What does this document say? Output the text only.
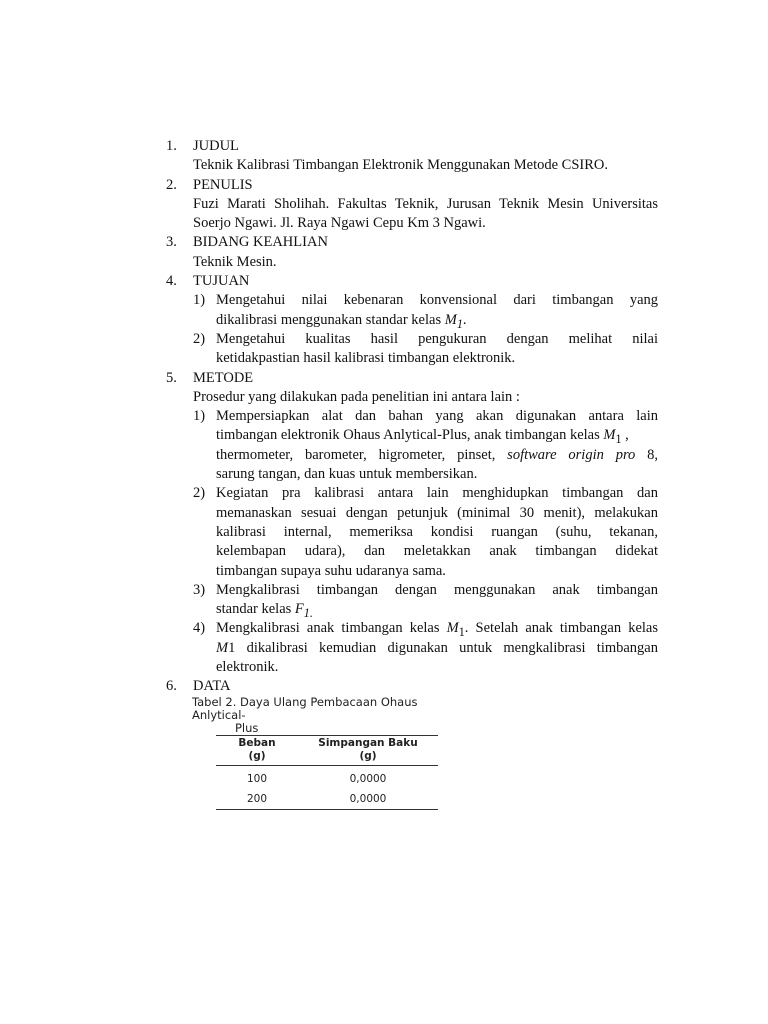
1. JUDUL
Teknik Kalibrasi Timbangan Elektronik Menggunakan Metode CSIRO.
2. PENULIS
Fuzi Marati Sholihah. Fakultas Teknik, Jurusan Teknik Mesin Universitas
Soerjo Ngawi. Jl. Raya Ngawi Cepu Km 3 Ngawi.
3. BIDANG KEAHLIAN
Teknik Mesin.
4. TUJUAN
1) Mengetahui nilai kebenaran konvensional dari timbangan yang
dikalibrasi menggunakan standar kelas $M_1$.
2) Mengetahui kualitas hasil pengukuran dengan melihat nilai
ketidakpastian hasil kalibrasi timbangan elektronik.
5. METODE
Prosedur yang dilakukan pada penelitian ini antara lain :
1) Mempersiapkan alat dan bahan yang akan digunakan antara lain
timbangan elektronik Ohaus Anlytical-Plus, anak timbangan kelas $M_1$ ,
thermometer, barometer, higrometer, pinset, software origin pro 8,
sarung tangan, dan kuas untuk membersikan.
2) Kegiatan pra kalibrasi antara lain menghidupkan timbangan dan
memanaskan sesuai dengan petunjuk (minimal 30 menit), melakukan
kalibrasi internal, memeriksa kondisi ruangan (suhu, tekanan,
kelembapan udara), dan meletakkan anak timbangan didekat
timbangan supaya suhu udaranya sama.
3) Mengkalibrasi timbangan dengan menggunakan anak timbangan
standar kelas $F_{1.}$
4) Mengkalibrasi anak timbangan kelas $M_1$. Setelah anak timbangan kelas
M1 dikalibrasi kemudian digunakan untuk mengkalibrasi timbangan
elektronik.
6. DATA
Tabel 2. Daya Ulang Pembacaan Ohaus Anlytical-
Plus
Beban
(g)
Simpangan Baku
(g)
100	0,0000
200	0,0000
